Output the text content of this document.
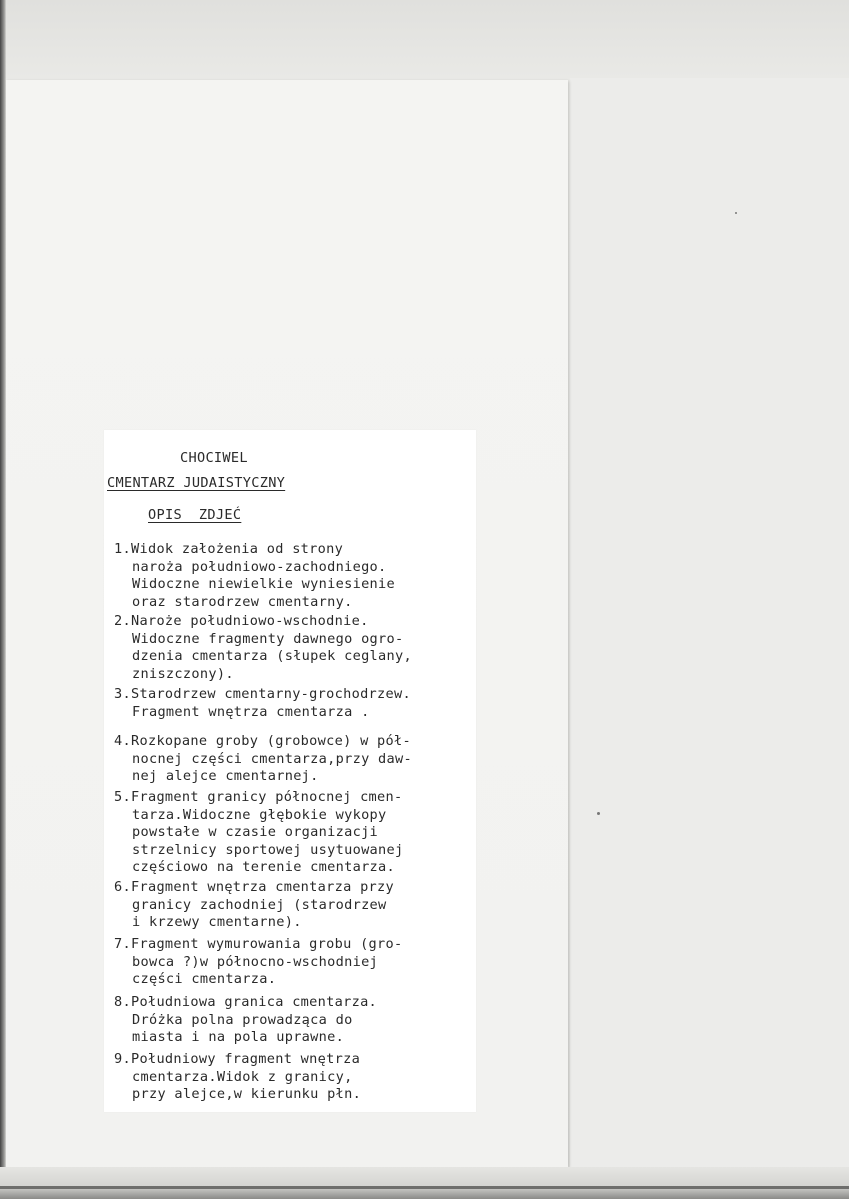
CHOCIWEL
CMENTARZ JUDAISTYCZNY
OPIS  ZDJEĆ
1. Widok założenia od strony
naroża południowo-zachodniego.
Widoczne niewielkie wyniesienie
oraz starodrzew cmentarny.
2. Naroże południowo-wschodnie.
Widoczne fragmenty dawnego ogro-
dzenia cmentarza (słupek ceglany,
zniszczony).
3. Starodrzew cmentarny-grochodrzew.
Fragment wnętrza cmentarza .
4. Rozkopane groby (grobowce) w pół-
nocnej części cmentarza,przy daw-
nej alejce cmentarnej.
5. Fragment granicy północnej cmen-
tarza.Widoczne głębokie wykopy
powstałe w czasie organizacji
strzelnicy sportowej usytuowanej
częściowo na terenie cmentarza.
6. Fragment wnętrza cmentarza przy
granicy zachodniej (starodrzew
i krzewy cmentarne).
7. Fragment wymurowania grobu (gro-
bowca ?)w północno-wschodniej
części cmentarza.
8. Południowa granica cmentarza.
Dróżka polna prowadząca do
miasta i na pola uprawne.
9. Południowy fragment wnętrza
cmentarza.Widok z granicy,
przy alejce,w kierunku płn.
